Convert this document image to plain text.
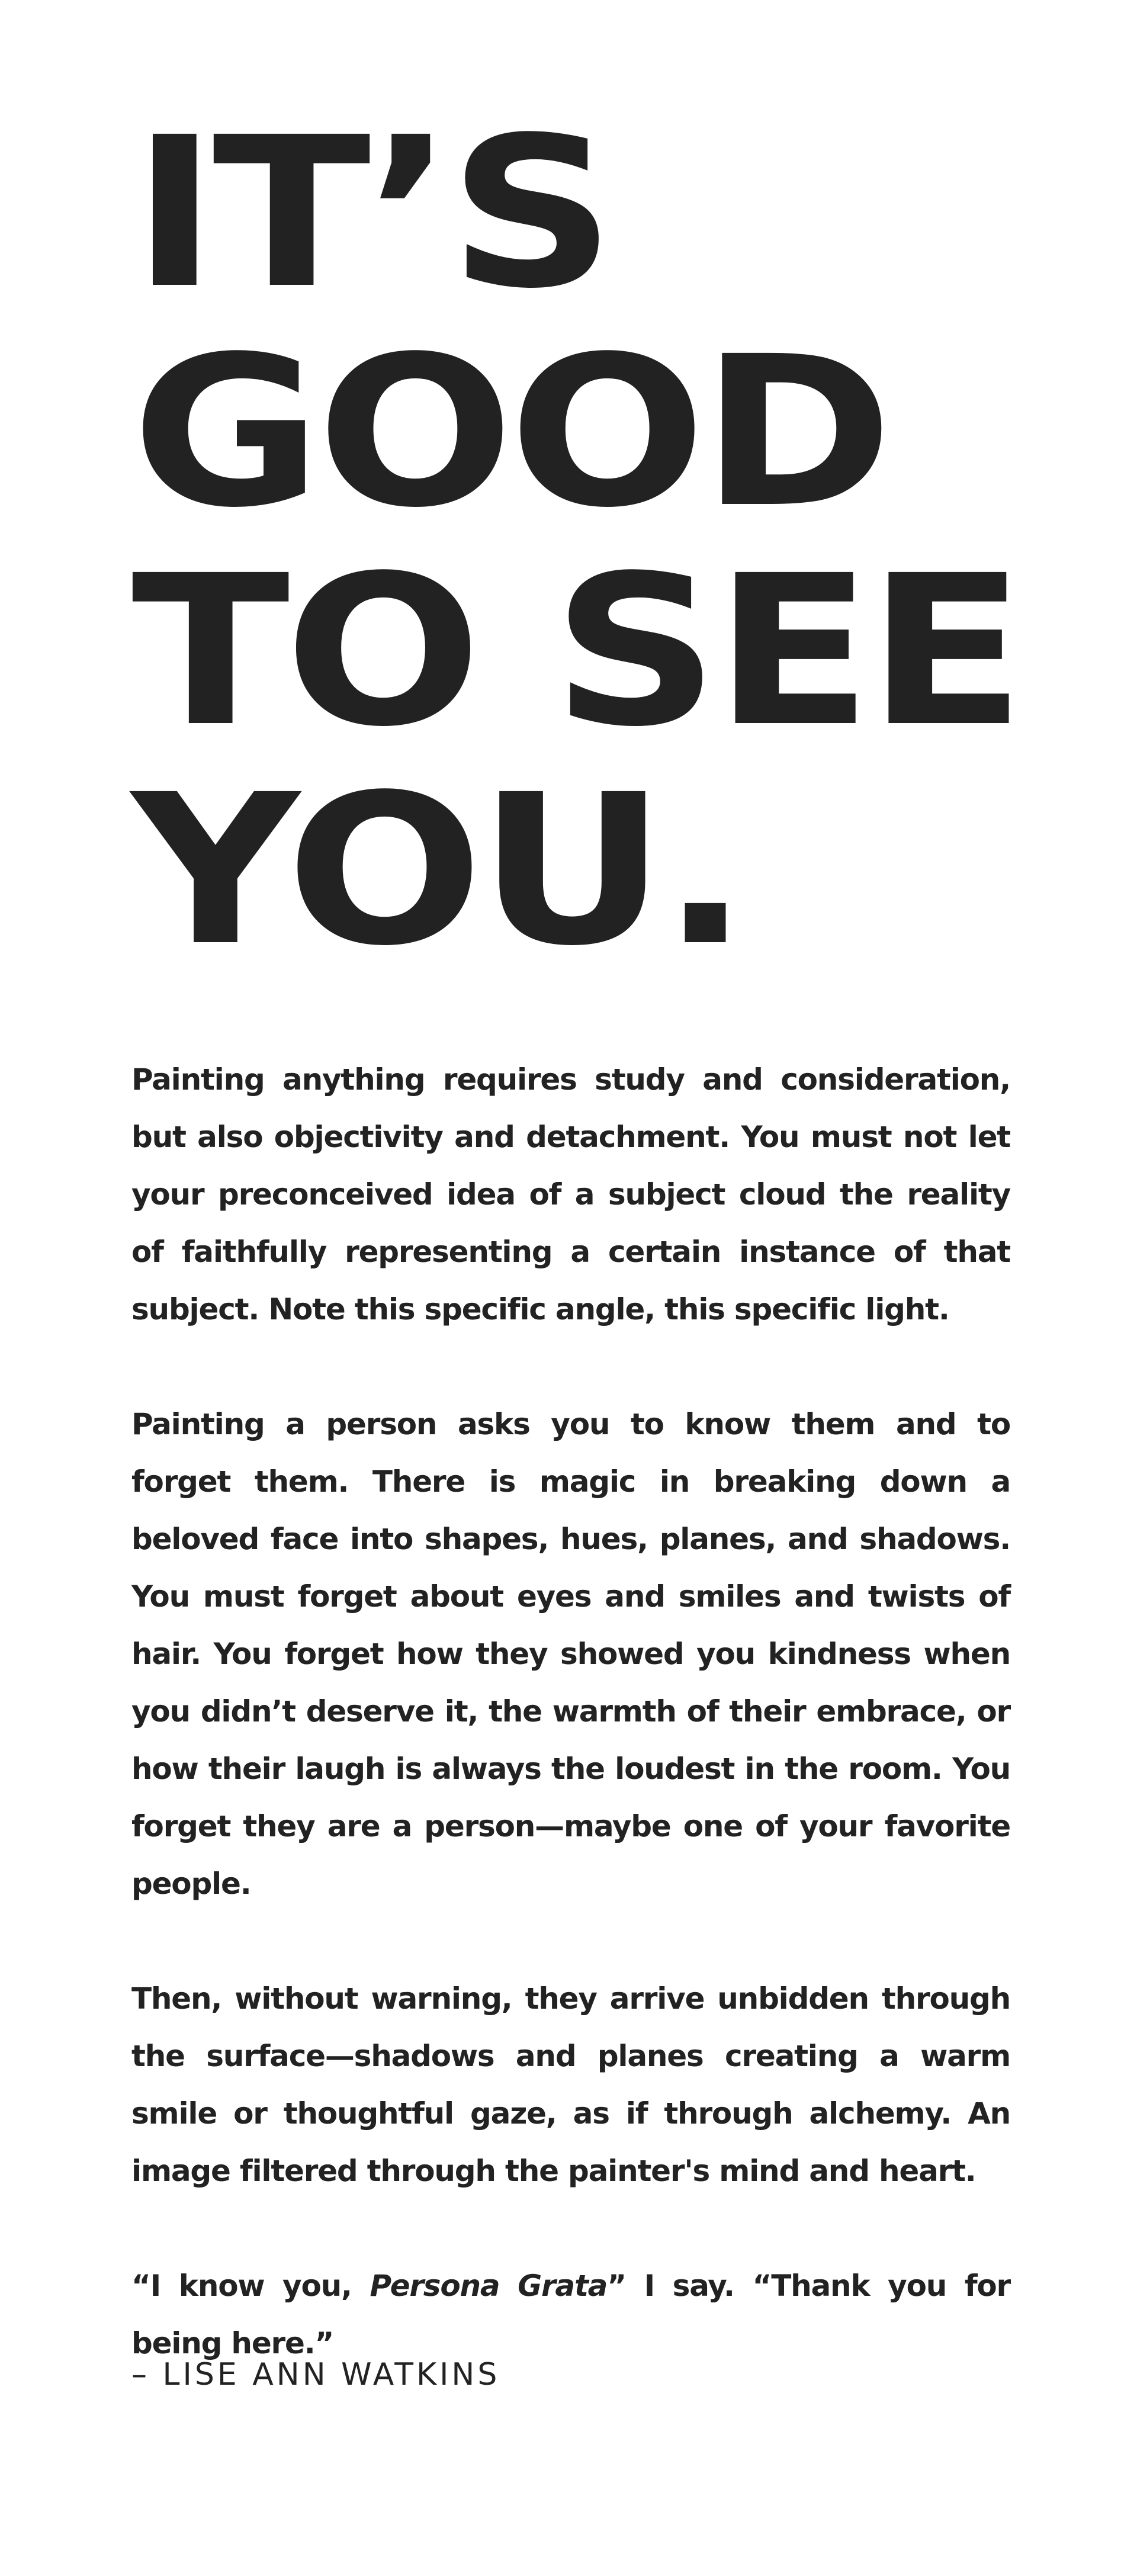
IT’S
GOOD
TO SEE
YOU.

Painting anything requires study and consideration, but also objectivity and detachment. You must not let your preconceived idea of a subject cloud the reality of faithfully representing a certain instance of that subject. Note this specific angle, this specific light.

Painting a person asks you to know them and to forget them. There is magic in breaking down a beloved face into shapes, hues, planes, and shadows. You must forget about eyes and smiles and twists of hair. You forget how they showed you kindness when you didn’t deserve it, the warmth of their embrace, or how their laugh is always the loudest in the room. You forget they are a person—maybe one of your favorite people.

Then, without warning, they arrive unbidden through the surface—shadows and planes creating a warm smile or thoughtful gaze, as if through alchemy. An image filtered through the painter's mind and heart.

“I know you, Persona Grata” I say. “Thank you for being here.”

– LISE ANN WATKINS
